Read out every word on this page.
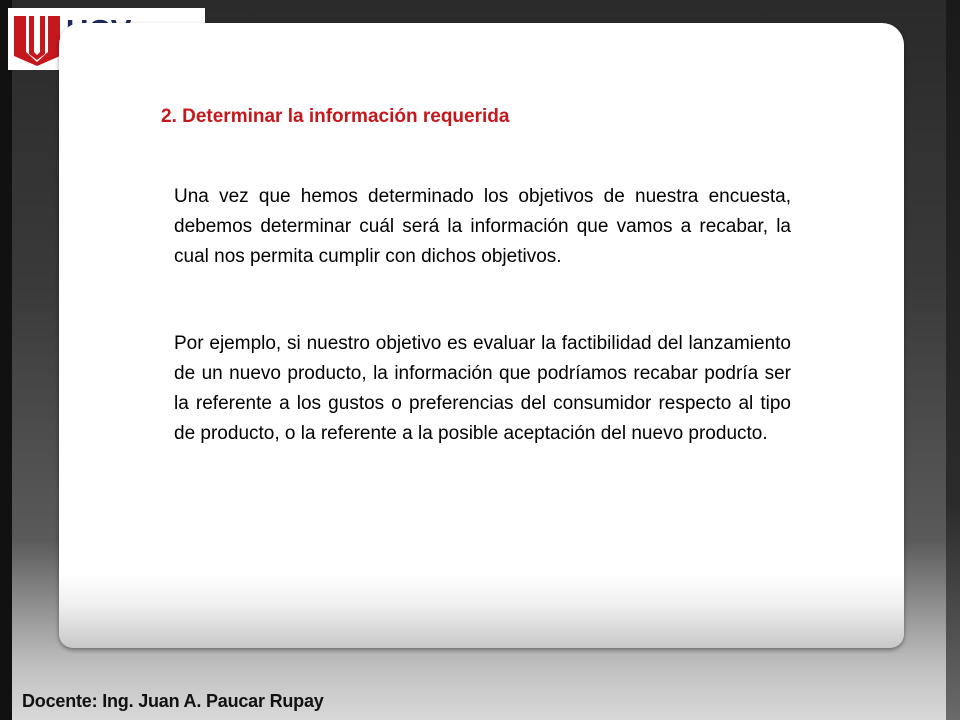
2. Determinar la información requerida

Una vez que hemos determinado los objetivos de nuestra encuesta, debemos determinar cuál será la información que vamos a recabar, la cual nos permita cumplir con dichos objetivos.

Por ejemplo, si nuestro objetivo es evaluar la factibilidad del lanzamiento de un nuevo producto, la información que podríamos recabar podría ser la referente a los gustos o preferencias del consumidor respecto al tipo de producto, o la referente a la posible aceptación del nuevo producto.

Docente: Ing. Juan A. Paucar Rupay
